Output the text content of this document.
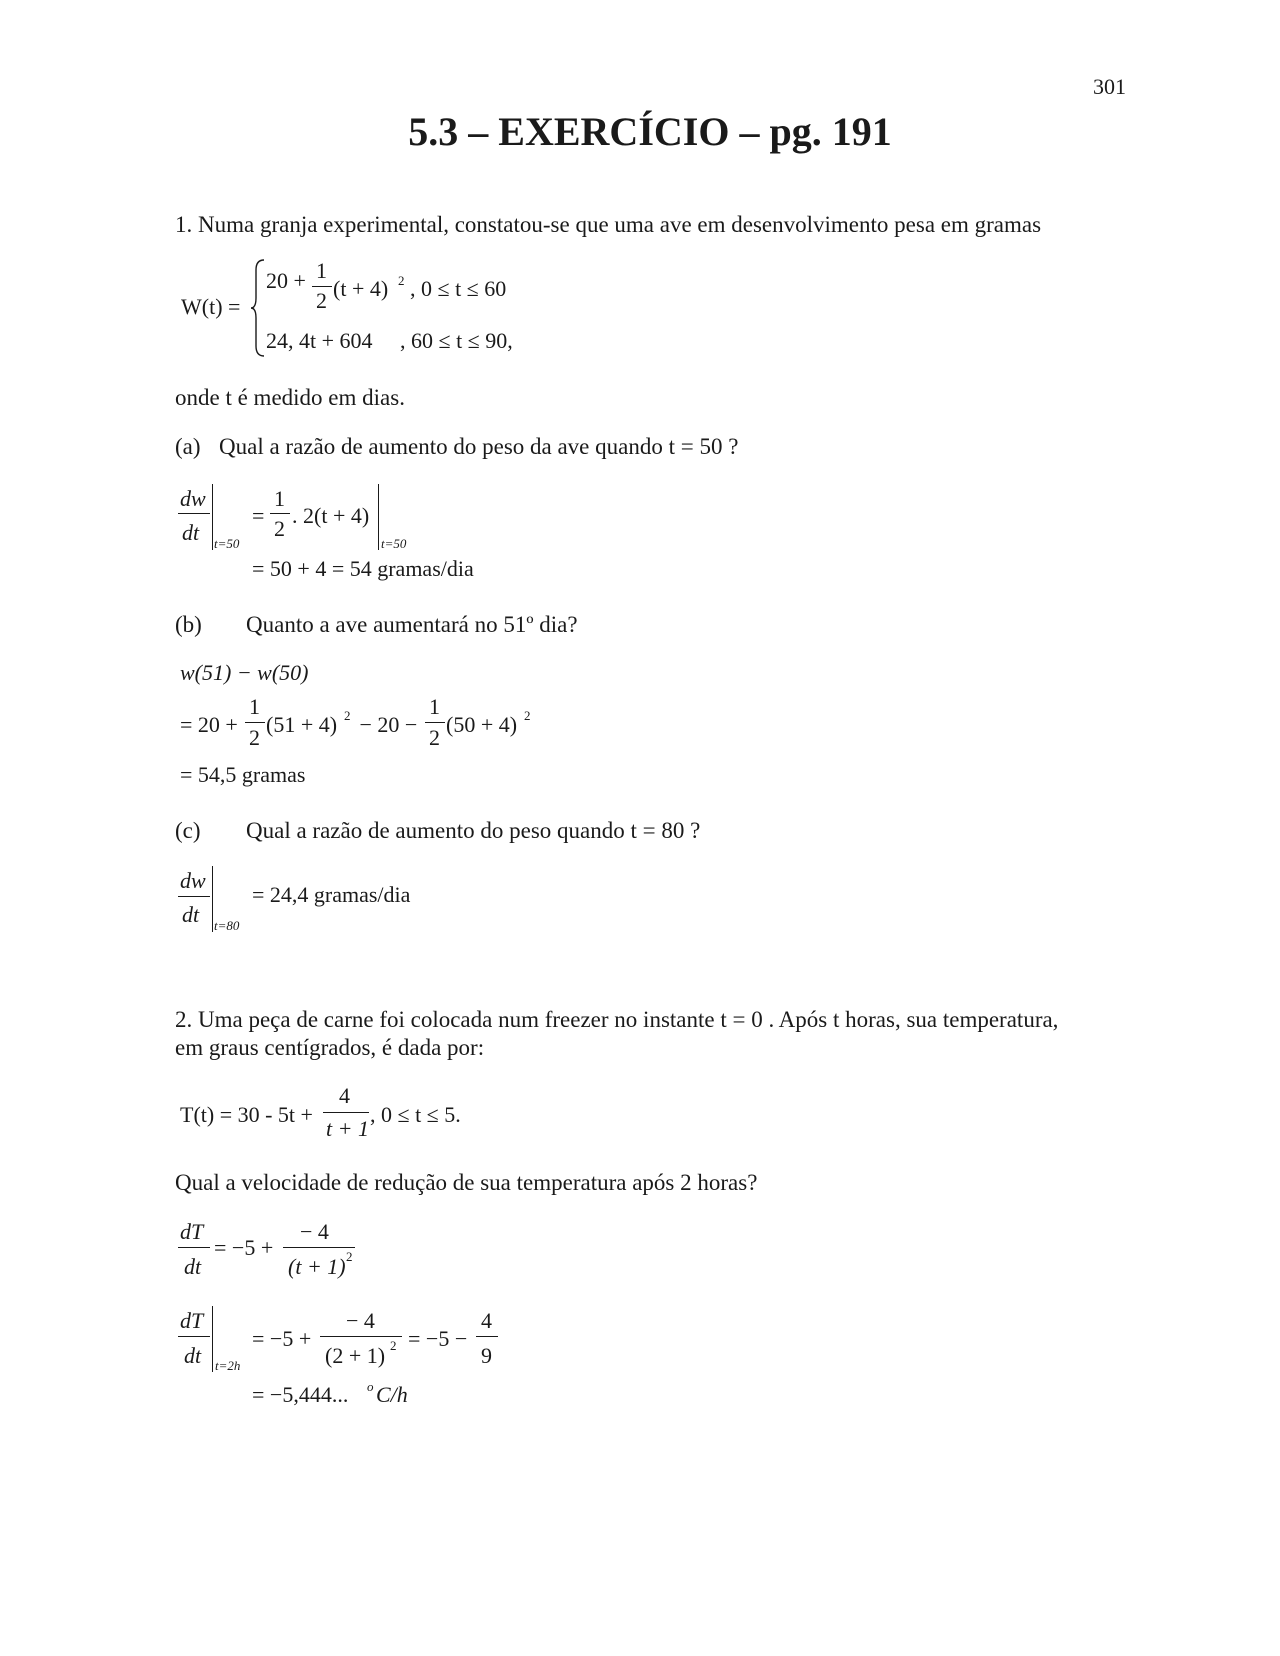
301
5.3 – EXERCÍCIO – pg. 191
1. Numa granja experimental, constatou-se que uma ave em desenvolvimento pesa em gramas
W(t) =
20 + 1
2 (t + 4) 2 , 0 ≤ t ≤ 60
24, 4t + 604 , 60 ≤ t ≤ 90,
onde t é medido em dias.
(a) Qual a razão de aumento do peso da ave quando t = 50 ?
dw
dt t=50
=
1
2
. 2(t + 4)
t=50
= 50 + 4 = 54 gramas/dia
(b) Quanto a ave aumentará no 51º dia?
w(51) − w(50)
= 20 +
1
2
(51 + 4) 2 − 20 −
1
2
(50 + 4) 2
= 54,5 gramas
(c) Qual a razão de aumento do peso quando t = 80 ?
dw
dt t=80
= 24,4 gramas/dia
2. Uma peça de carne foi colocada num freezer no instante t = 0 . Após t horas, sua temperatura,
em graus centígrados, é dada por:
T(t) = 30 - 5t +
4
t + 1
, 0 ≤ t ≤ 5.
Qual a velocidade de redução de sua temperatura após 2 horas?
dT
dt
= −5 +
− 4
(t + 1) 2
dT
dt t=2h
= −5 +
− 4
(2 + 1) 2 = −5 −
4
9
= −5,444... o C/h
